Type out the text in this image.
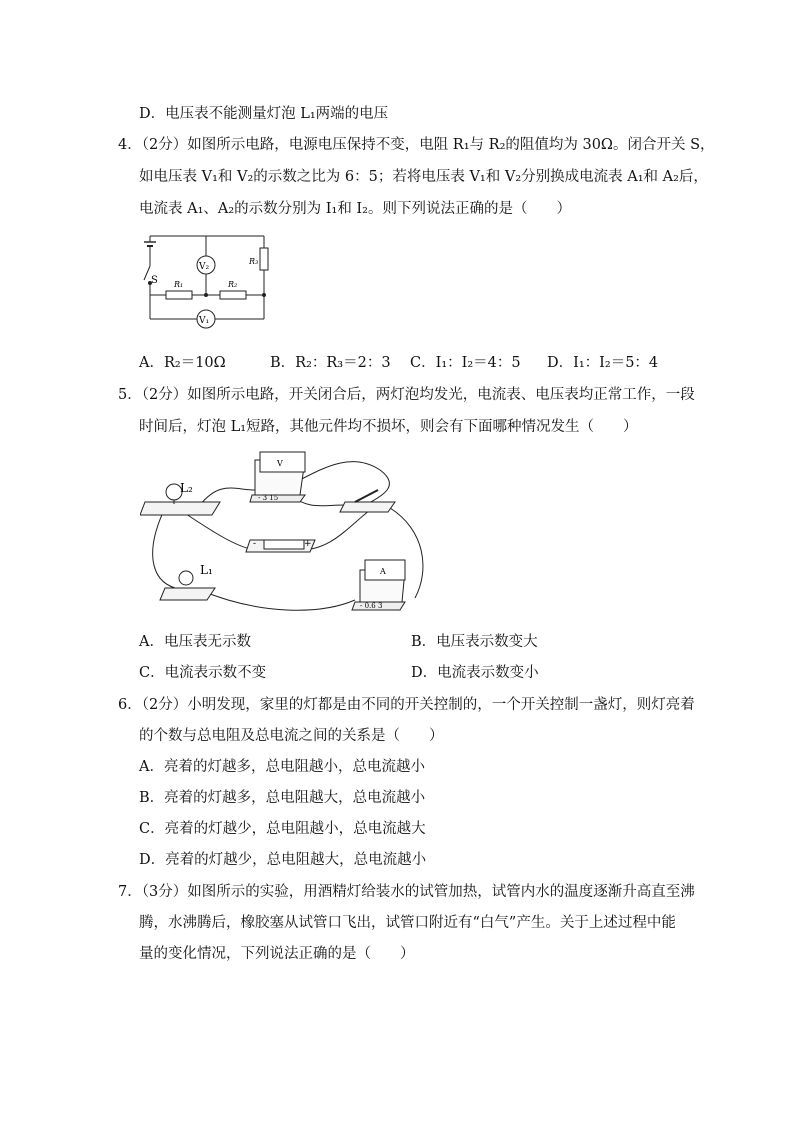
D．电压表不能测量灯泡 L₁两端的电压
4．（2分）如图所示电路，电源电压保持不变，电阻 R₁与 R₂的阻值均为 30Ω。闭合开关 S，
如电压表 V₁和 V₂的示数之比为 6：5；若将电压表 V₁和 V₂分别换成电流表 A₁和 A₂后，
电流表 A₁、A₂的示数分别为 I₁和 I₂。则下列说法正确的是（　　）
S R₁	R₂
R₃
V₂
V₁
A．R₂＝10Ω	B．R₂：R₃＝2：3 C．I₁：I₂＝4：5 D．I₁：I₂＝5：4
5．（2分）如图所示电路，开关闭合后，两灯泡均发光，电流表、电压表均正常工作，一段
时间后，灯泡 L₁短路，其他元件均不损坏，则会有下面哪种情况发生（　　）
L₂
L₁
V
- 3 15
A
- 0.6 3
-	+
A．电压表无示数	B．电压表示数变大
C．电流表示数不变	D．电流表示数变小
6．（2分）小明发现，家里的灯都是由不同的开关控制的，一个开关控制一盏灯，则灯亮着
的个数与总电阻及总电流之间的关系是（　　）
A．亮着的灯越多，总电阻越小，总电流越小
B．亮着的灯越多，总电阻越大，总电流越小
C．亮着的灯越少，总电阻越小，总电流越大
D．亮着的灯越少，总电阻越大，总电流越小
7．（3分）如图所示的实验，用酒精灯给装水的试管加热，试管内水的温度逐渐升高直至沸
腾，水沸腾后，橡胶塞从试管口飞出，试管口附近有“白气”产生。关于上述过程中能
量的变化情况，下列说法正确的是（　　）
